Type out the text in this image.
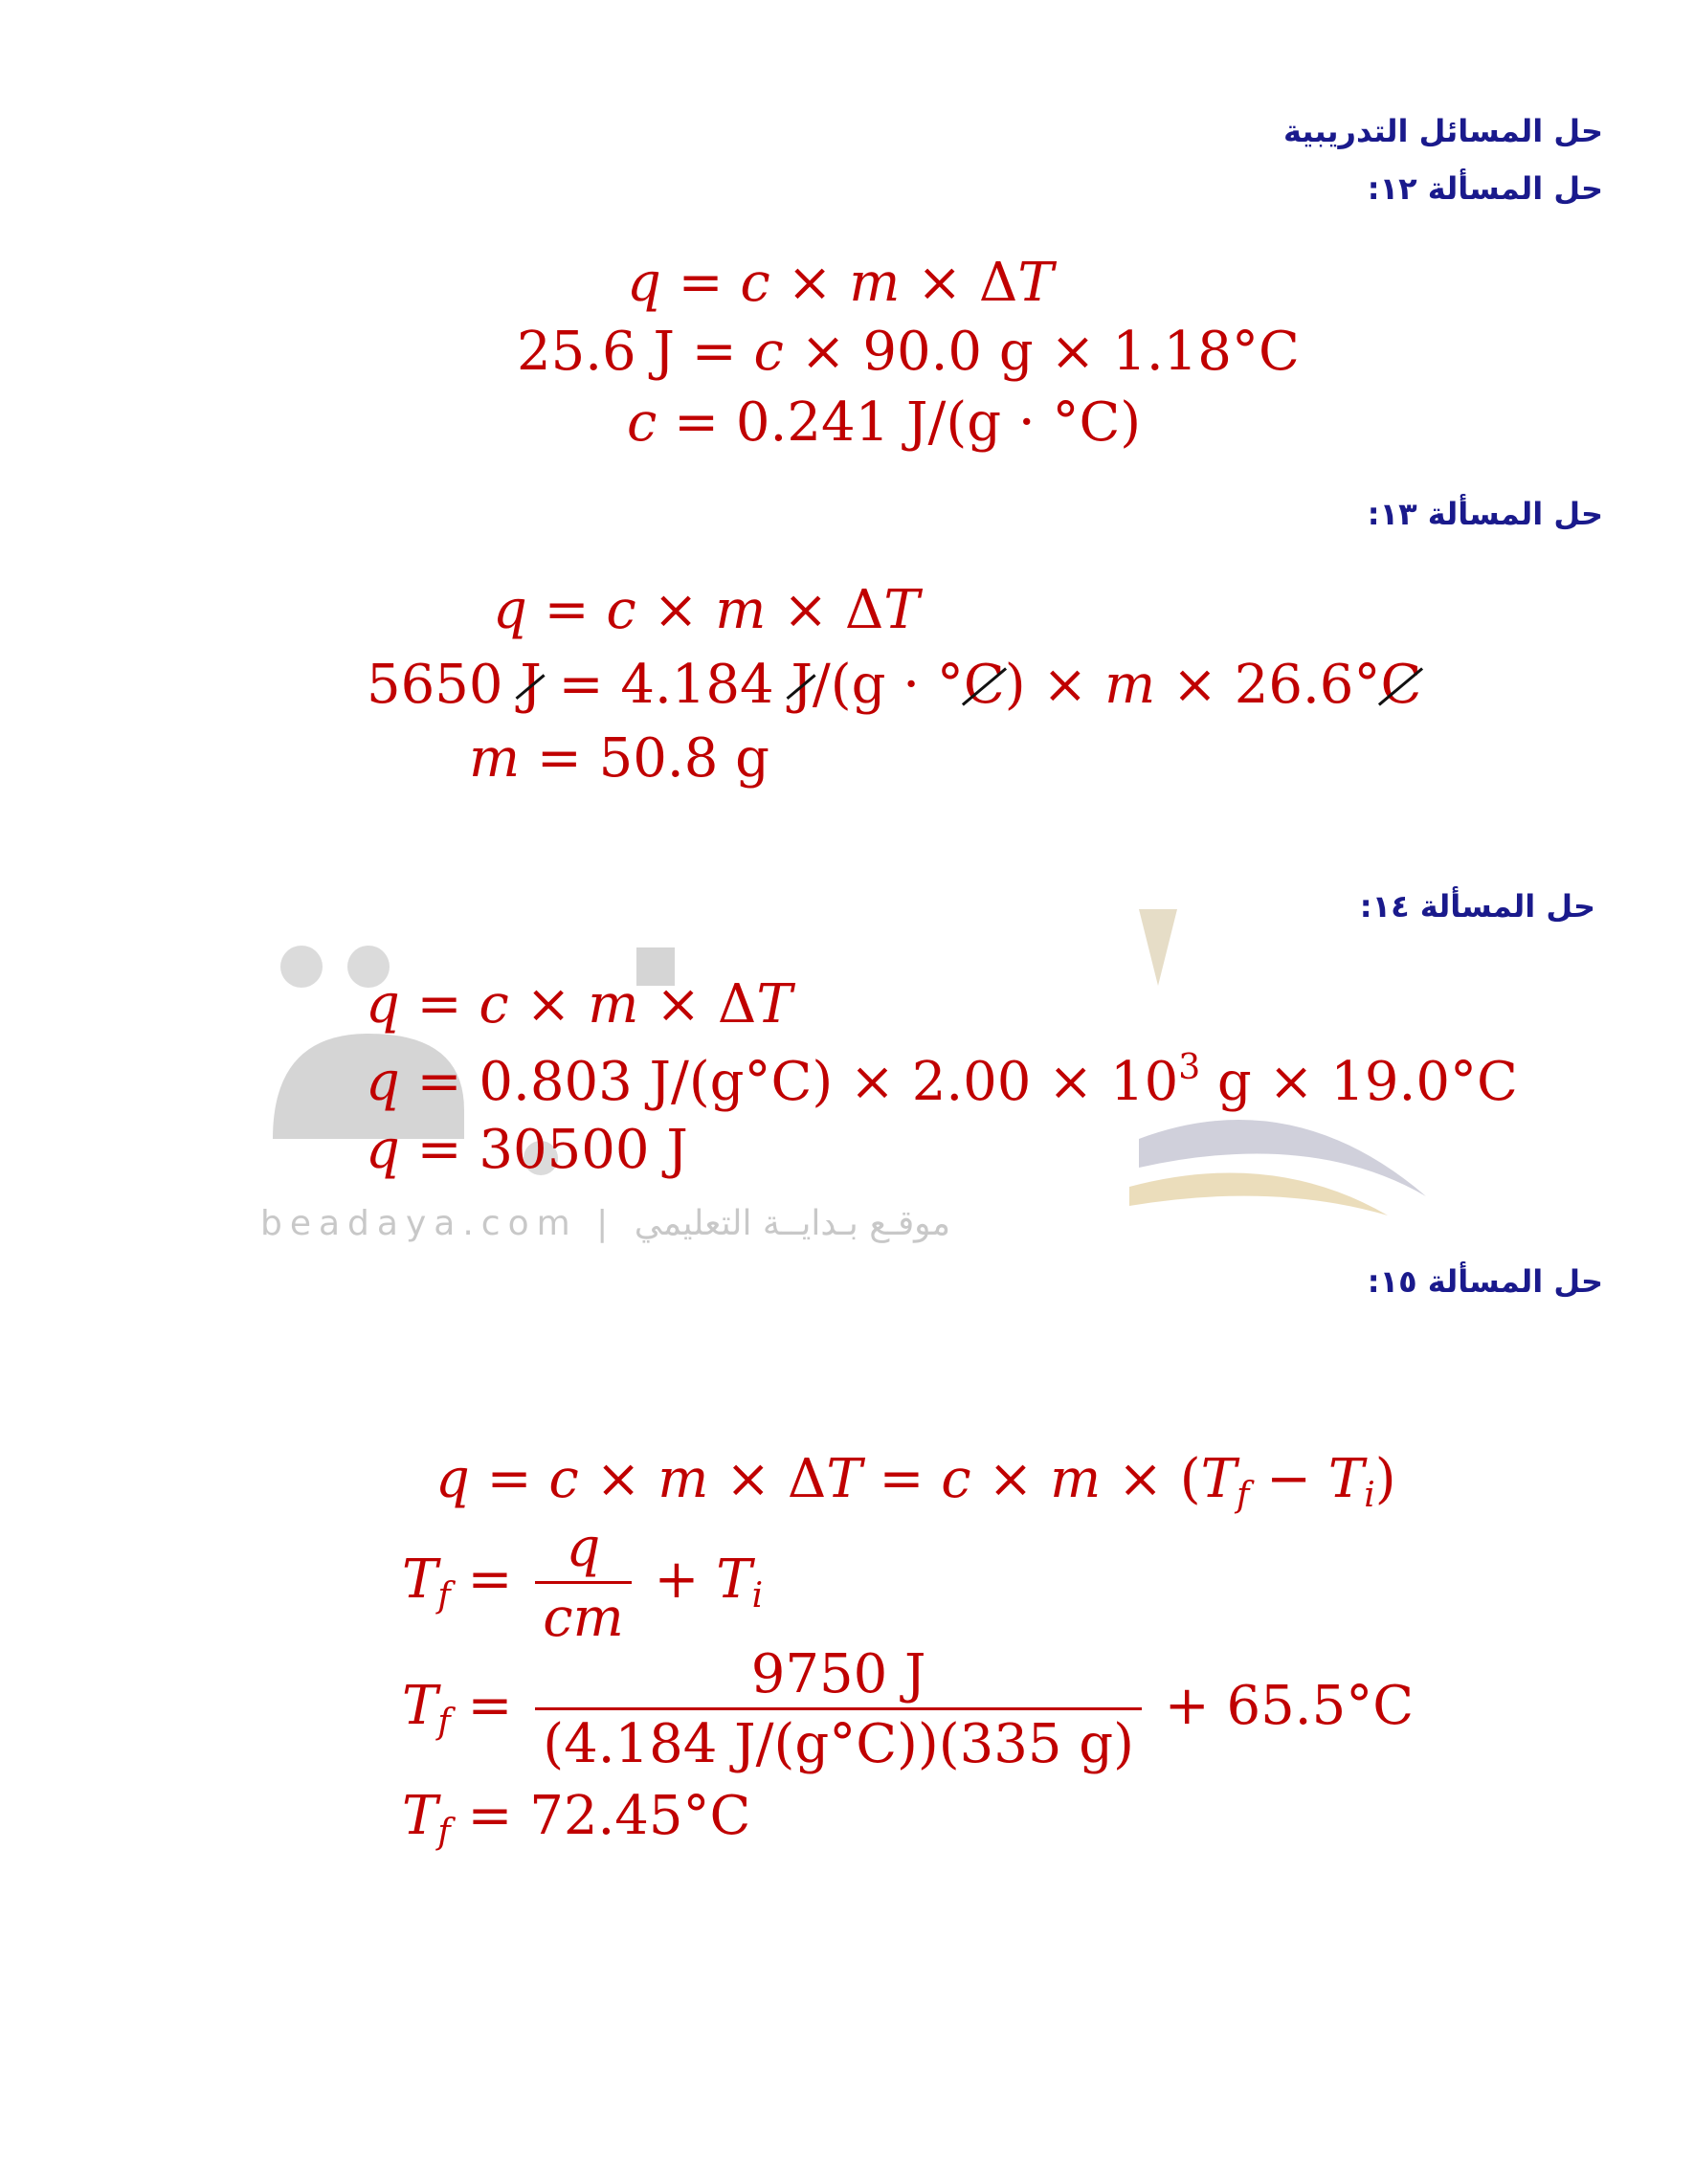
beadaya.com | موقـع بـدايــة التعليمي
حل المسائل التدريبية
حل المسألة ١٢:
حل المسألة ١٣:
حل المسألة ١٤:
حل المسألة ١٥:
q = c × m × ΔT
25.6 J = c × 90.0 g × 1.18°C
c = 0.241 J/(g · °C)
q = c × m × ΔT
5650 J = 4.184 J/(g · °C) × m × 26.6°C
m = 50.8 g
q = c × m × ΔT
q = 0.803 $J/(g^\circ C) \times 2.00 \times 10^3$ g × 19.0°C
q = 30500 J
$q = c \times m \times \Delta T = c \times m \times (T_f - T_i)$
$T_f = \frac{q}{cm} + T_i$
$T_f = \frac{9750 J}{(4.184 J/(g^\circ C))(335 g)} + 65.5^\circ C$
$T_f = 72.45^\circ C$
